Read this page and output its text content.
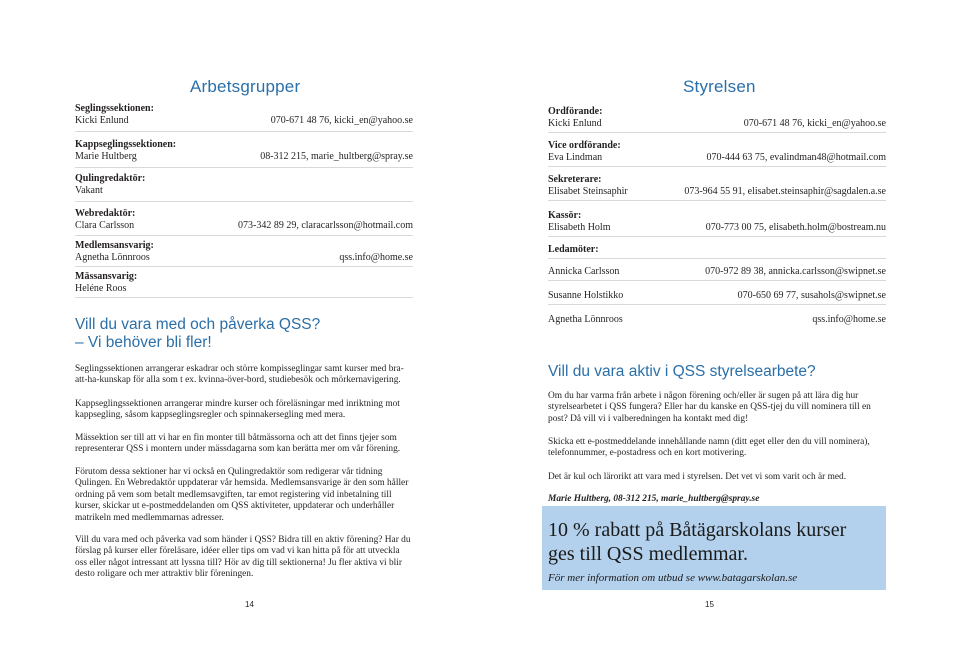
Arbetsgrupper
Seglingssektionen:
Kicki Enlund	070-671 48 76, kicki_en@yahoo.se
Kappseglingssektionen:
Marie Hultberg	08-312 215, marie_hultberg@spray.se
Qulingredaktör:
Vakant
Webredaktör:
Clara Carlsson	073-342 89 29, claracarlsson@hotmail.com
Medlemsansvarig:
Agnetha Lönnroos	qss.info@home.se
Mässansvarig:
Heléne Roos
Vill du vara med och påverka QSS?
– Vi behöver bli fler!
Seglingssektionen arrangerar eskadrar och större kompisseglingar samt kurser med bra-att-ha-kunskap för alla som t ex. kvinna-över-bord, studiebesök och mörkernavigering.
Kappseglingssektionen arrangerar mindre kurser och föreläsningar med inriktning mot kappsegling, såsom kappseglingsregler och spinnakersegling med mera.
Mässektion ser till att vi har en fin monter till båtmässorna och att det finns tjejer som representerar QSS i montern under mässdagarna som kan berätta mer om vår förening.
Förutom dessa sektioner har vi också en Qulingredaktör som redigerar vår tidning Qulingen. En Webredaktör uppdaterar vår hemsida. Medlemsansvarige är den som håller ordning på vem som betalt medlemsavgiften, tar emot registering vid inbetalning till kurser, skickar ut e-postmeddelanden om QSS aktiviteter, uppdaterar och underhåller matrikeln med medlemmarnas adresser.
Vill du vara med och påverka vad som händer i QSS? Bidra till en aktiv förening? Har du förslag på kurser eller föreläsare, idéer eller tips om vad vi kan hitta på för att utveckla oss eller något intressant att lyssna till? Hör av dig till sektionerna! Ju fler aktiva vi blir desto roligare och mer attraktiv blir föreningen.
14
Styrelsen
Ordförande:
Kicki Enlund	070-671 48 76, kicki_en@yahoo.se
Vice ordförande:
Eva Lindman	070-444 63 75, evalindman48@hotmail.com
Sekreterare:
Elisabet Steinsaphir	073-964 55 91, elisabet.steinsaphir@sagdalen.a.se
Kassör:
Elisabeth Holm	070-773 00 75, elisabeth.holm@bostream.nu
Ledamöter:
Annicka Carlsson	070-972 89 38, annicka.carlsson@swipnet.se
Susanne Holstikko	070-650 69 77, susahols@swipnet.se
Agnetha Lönnroos	qss.info@home.se
Vill du vara aktiv i QSS styrelsearbete?
Om du har varma från arbete i någon förening och/eller är sugen på att lära dig hur styrelsearbetet i QSS fungera? Eller har du kanske en QSS-tjej du vill nominera till en post? Då vill vi i valberedningen ha kontakt med dig!
Skicka ett e-postmeddelande innehållande namn (ditt eget eller den du vill nominera), telefonnummer, e-postadress och en kort motivering.
Det är kul och lärorikt att vara med i styrelsen. Det vet vi som varit och är med.
Marie Hultberg, 08-312 215, marie_hultberg@spray.se
10 % rabatt på Båtägarskolans kurser
ges till QSS medlemmar.
För mer information om utbud se www.batagarskolan.se
15
